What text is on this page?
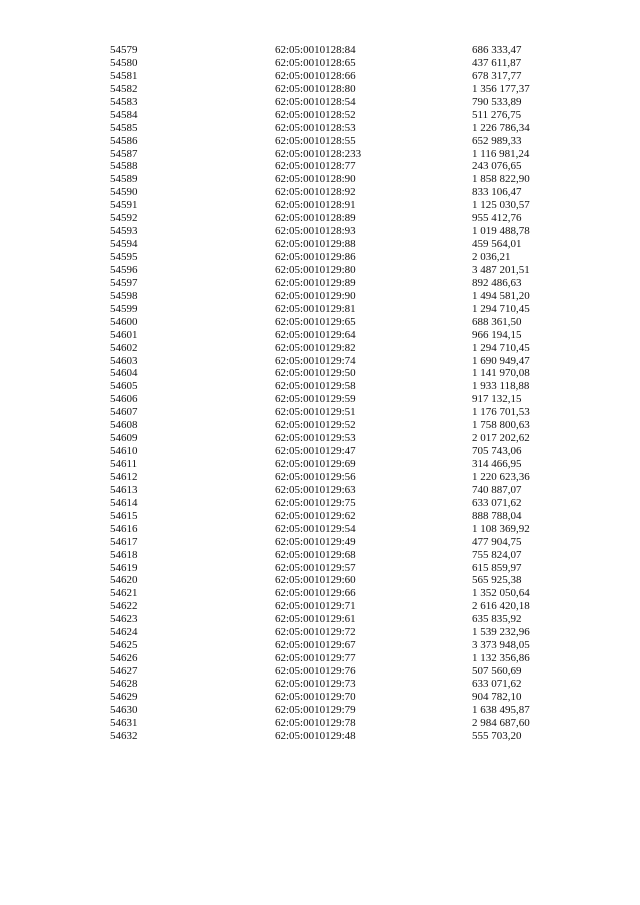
54579	62:05:0010128:84	686 333,47
54580	62:05:0010128:65	437 611,87
54581	62:05:0010128:66	678 317,77
54582	62:05:0010128:80	1 356 177,37
54583	62:05:0010128:54	790 533,89
54584	62:05:0010128:52	511 276,75
54585	62:05:0010128:53	1 226 786,34
54586	62:05:0010128:55	652 989,33
54587	62:05:0010128:233	1 116 981,24
54588	62:05:0010128:77	243 076,65
54589	62:05:0010128:90	1 858 822,90
54590	62:05:0010128:92	833 106,47
54591	62:05:0010128:91	1 125 030,57
54592	62:05:0010128:89	955 412,76
54593	62:05:0010128:93	1 019 488,78
54594	62:05:0010129:88	459 564,01
54595	62:05:0010129:86	2 036,21
54596	62:05:0010129:80	3 487 201,51
54597	62:05:0010129:89	892 486,63
54598	62:05:0010129:90	1 494 581,20
54599	62:05:0010129:81	1 294 710,45
54600	62:05:0010129:65	688 361,50
54601	62:05:0010129:64	966 194,15
54602	62:05:0010129:82	1 294 710,45
54603	62:05:0010129:74	1 690 949,47
54604	62:05:0010129:50	1 141 970,08
54605	62:05:0010129:58	1 933 118,88
54606	62:05:0010129:59	917 132,15
54607	62:05:0010129:51	1 176 701,53
54608	62:05:0010129:52	1 758 800,63
54609	62:05:0010129:53	2 017 202,62
54610	62:05:0010129:47	705 743,06
54611	62:05:0010129:69	314 466,95
54612	62:05:0010129:56	1 220 623,36
54613	62:05:0010129:63	740 887,07
54614	62:05:0010129:75	633 071,62
54615	62:05:0010129:62	888 788,04
54616	62:05:0010129:54	1 108 369,92
54617	62:05:0010129:49	477 904,75
54618	62:05:0010129:68	755 824,07
54619	62:05:0010129:57	615 859,97
54620	62:05:0010129:60	565 925,38
54621	62:05:0010129:66	1 352 050,64
54622	62:05:0010129:71	2 616 420,18
54623	62:05:0010129:61	635 835,92
54624	62:05:0010129:72	1 539 232,96
54625	62:05:0010129:67	3 373 948,05
54626	62:05:0010129:77	1 132 356,86
54627	62:05:0010129:76	507 560,69
54628	62:05:0010129:73	633 071,62
54629	62:05:0010129:70	904 782,10
54630	62:05:0010129:79	1 638 495,87
54631	62:05:0010129:78	2 984 687,60
54632	62:05:0010129:48	555 703,20
